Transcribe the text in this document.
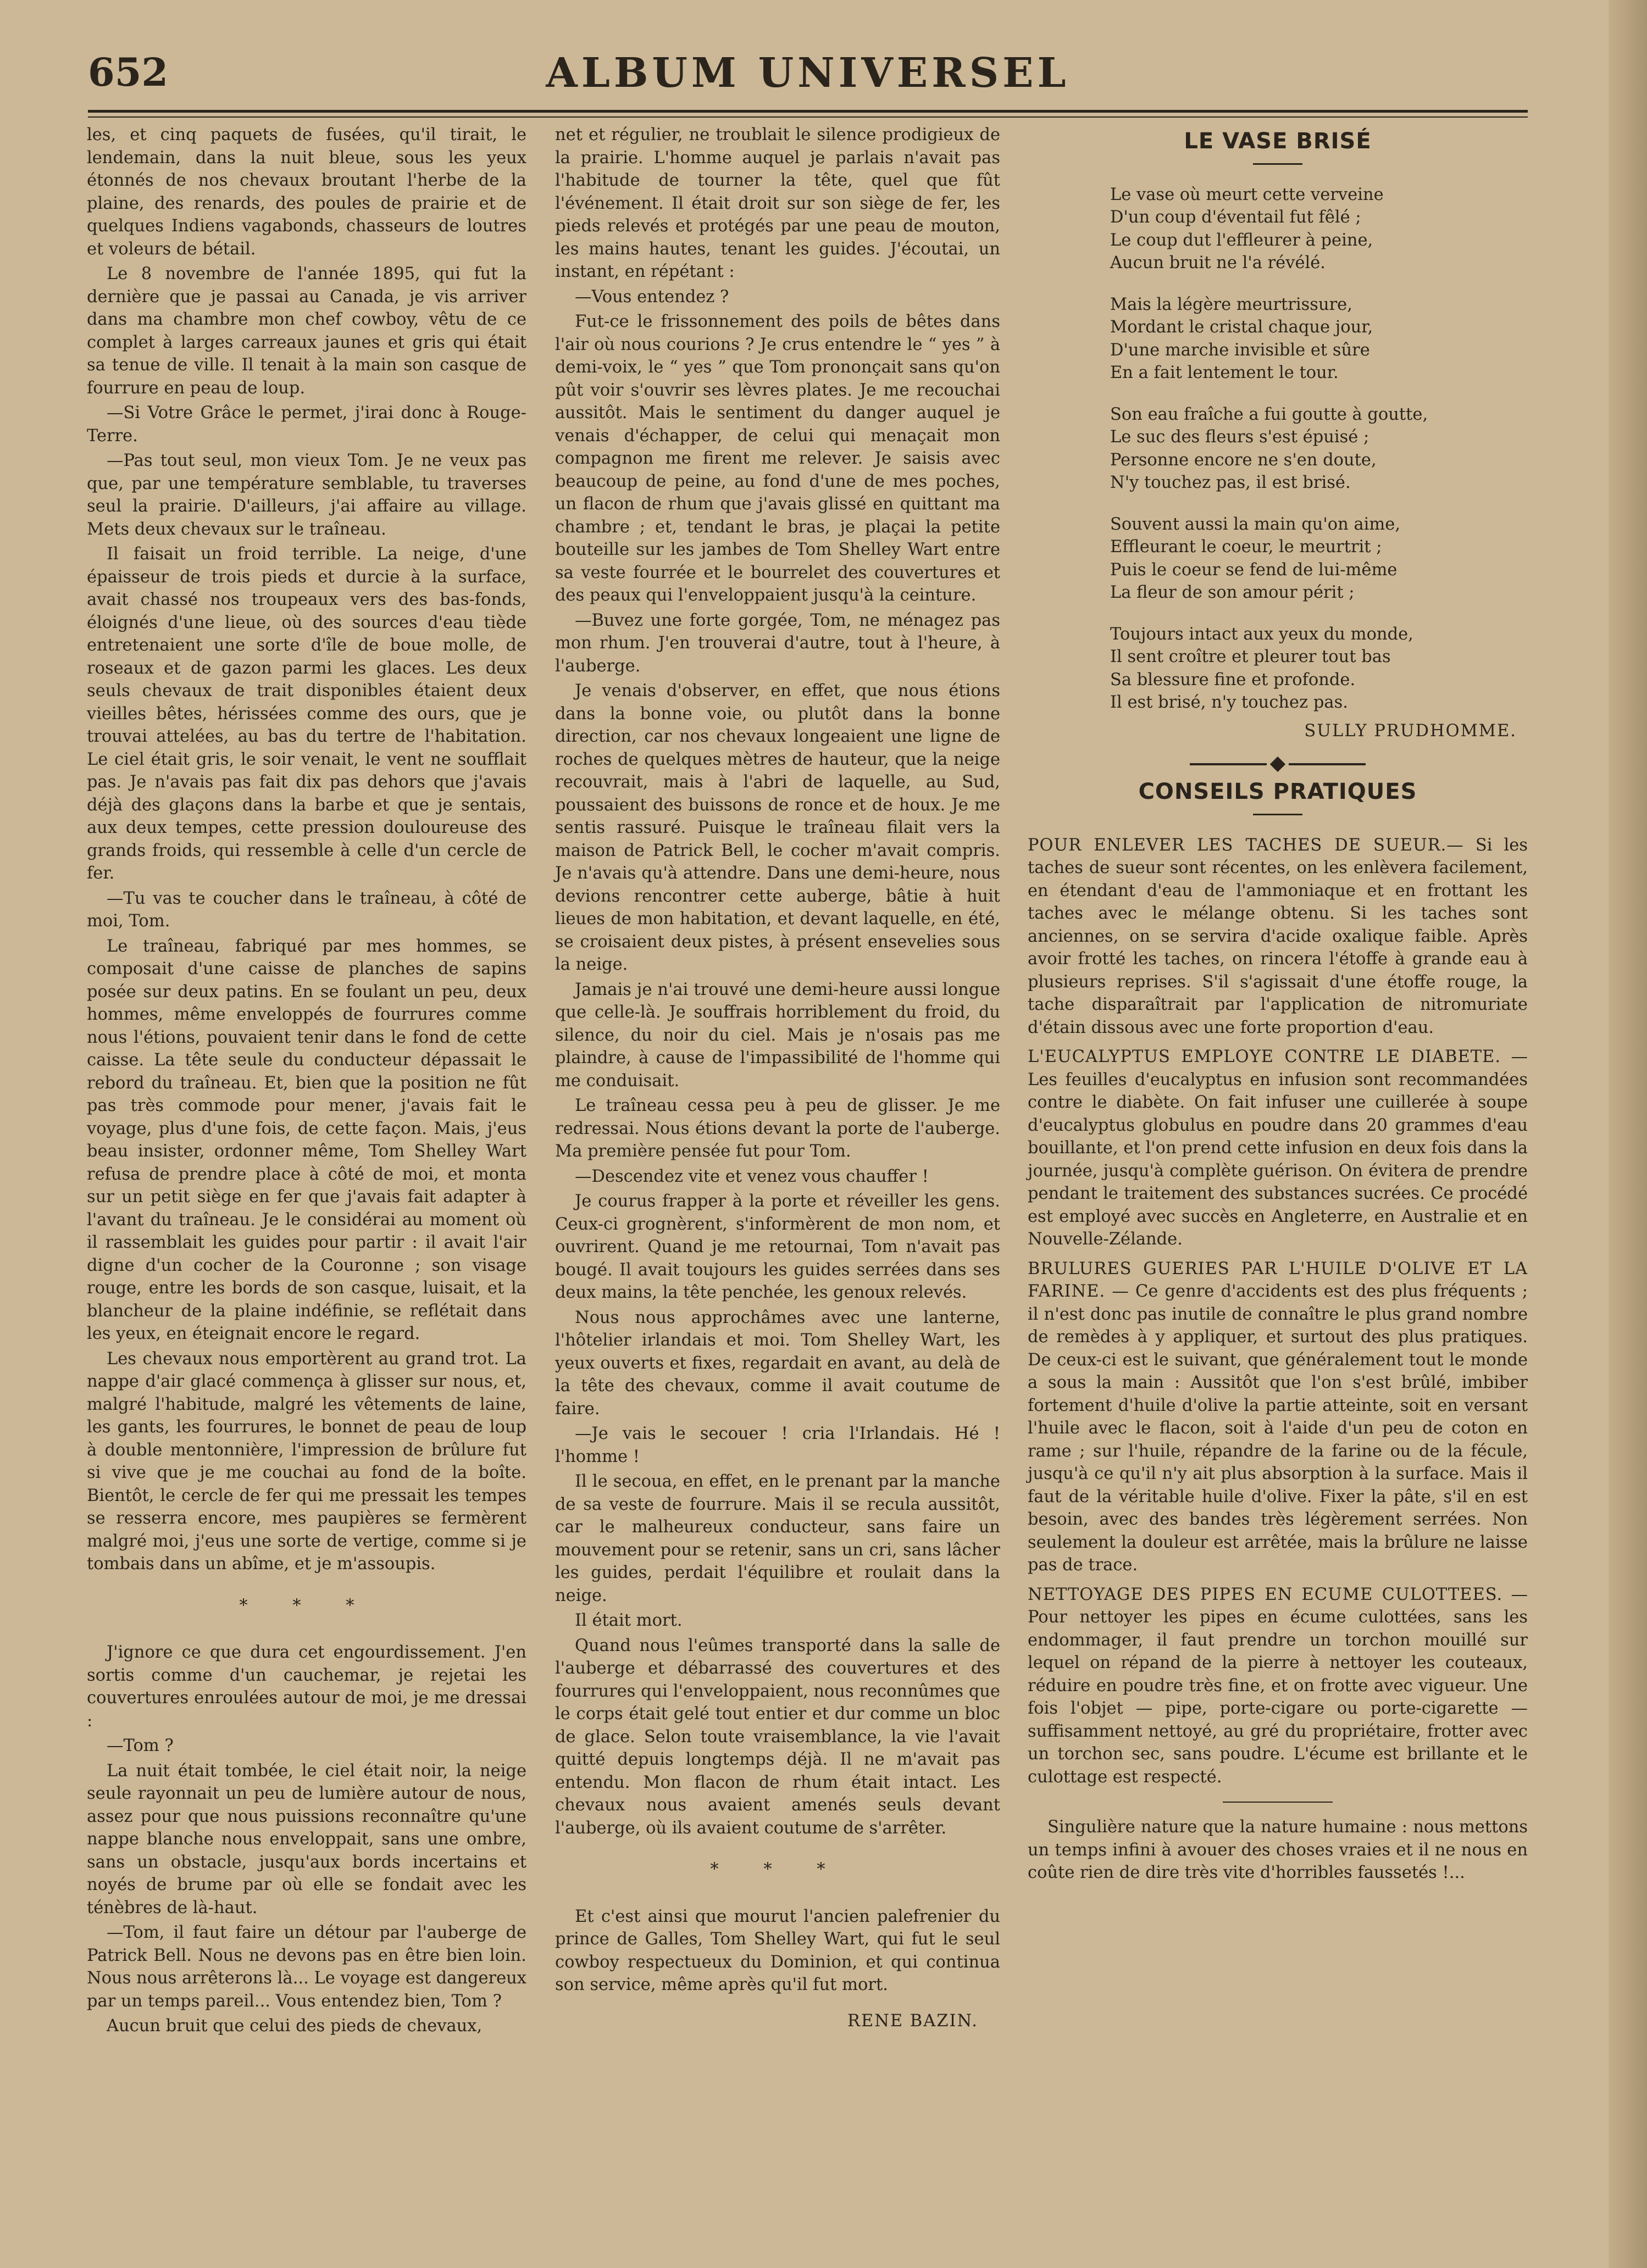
ALBUM UNIVERSEL
652

les, et cinq paquets de fusées, qu'il tirait, le lendemain, dans la nuit bleue, sous les yeux étonnés de nos chevaux broutant l'herbe de la plaine, des renards, des poules de prairie et de quelques Indiens vagabonds, chasseurs de loutres et voleurs de bétail.

Le 8 novembre de l'année 1895, qui fut la dernière que je passai au Canada, je vis arriver dans ma chambre mon chef cowboy, vêtu de ce complet à larges carreaux jaunes et gris qui était sa tenue de ville. Il tenait à la main son casque de fourrure en peau de loup.

—Si Votre Grâce le permet, j'irai donc à Rouge-Terre.

—Pas tout seul, mon vieux Tom. Je ne veux pas que, par une température semblable, tu traverses seul la prairie. D'ailleurs, j'ai affaire au village. Mets deux chevaux sur le traîneau.

Il faisait un froid terrible. La neige, d'une épaisseur de trois pieds et durcie à la surface, avait chassé nos troupeaux vers des bas-fonds, éloignés d'une lieue, où des sources d'eau tiède entretenaient une sorte d'île de boue molle, de roseaux et de gazon parmi les glaces. Les deux seuls chevaux de trait disponibles étaient deux vieilles bêtes, hérissées comme des ours, que je trouvai attelées, au bas du tertre de l'habitation. Le ciel était gris, le soir venait, le vent ne soufflait pas. Je n'avais pas fait dix pas dehors que j'avais déjà des glaçons dans la barbe et que je sentais, aux deux tempes, cette pression douloureuse des grands froids, qui ressemble à celle d'un cercle de fer.

—Tu vas te coucher dans le traîneau, à côté de moi, Tom.

Le traîneau, fabriqué par mes hommes, se composait d'une caisse de planches de sapins posée sur deux patins. En se foulant un peu, deux hommes, même enveloppés de fourrures comme nous l'étions, pouvaient tenir dans le fond de cette caisse. La tête seule du conducteur dépassait le rebord du traîneau. Et, bien que la position ne fût pas très commode pour mener, j'avais fait le voyage, plus d'une fois, de cette façon. Mais, j'eus beau insister, ordonner même, Tom Shelley Wart refusa de prendre place à côté de moi, et monta sur un petit siège en fer que j'avais fait adapter à l'avant du traîneau. Je le considérai au moment où il rassemblait les guides pour partir : il avait l'air digne d'un cocher de la Couronne ; son visage rouge, entre les bords de son casque, luisait, et la blancheur de la plaine indéfinie, se reflétait dans les yeux, en éteignait encore le regard.

Les chevaux nous emportèrent au grand trot. La nappe d'air glacé commença à glisser sur nous, et, malgré l'habitude, malgré les vêtements de laine, les gants, les fourrures, le bonnet de peau de loup à double mentonnière, l'impression de brûlure fut si vive que je me couchai au fond de la boîte. Bientôt, le cercle de fer qui me pressait les tempes se resserra encore, mes paupières se fermèrent malgré moi, j'eus une sorte de vertige, comme si je tombais dans un abîme, et je m'assoupis.

* * *

J'ignore ce que dura cet engourdissement. J'en sortis comme d'un cauchemar, je rejetai les couvertures enroulées autour de moi, je me dressai :

—Tom ?

La nuit était tombée, le ciel était noir, la neige seule rayonnait un peu de lumière autour de nous, assez pour que nous puissions reconnaître qu'une nappe blanche nous enveloppait, sans une ombre, sans un obstacle, jusqu'aux bords incertains et noyés de brume par où elle se fondait avec les ténèbres de là-haut.

—Tom, il faut faire un détour par l'auberge de Patrick Bell. Nous ne devons pas en être bien loin. Nous nous arrêterons là... Le voyage est dangereux par un temps pareil... Vous entendez bien, Tom ?

Aucun bruit que celui des pieds de chevaux,

net et régulier, ne troublait le silence prodigieux de la prairie. L'homme auquel je parlais n'avait pas l'habitude de tourner la tête, quel que fût l'événement. Il était droit sur son siège de fer, les pieds relevés et protégés par une peau de mouton, les mains hautes, tenant les guides. J'écoutai, un instant, en répétant :

—Vous entendez ?

Fut-ce le frissonnement des poils de bêtes dans l'air où nous courions ? Je crus entendre le “ yes ” à demi-voix, le “ yes ” que Tom prononçait sans qu'on pût voir s'ouvrir ses lèvres plates. Je me recouchai aussitôt. Mais le sentiment du danger auquel je venais d'échapper, de celui qui menaçait mon compagnon me firent me relever. Je saisis avec beaucoup de peine, au fond d'une de mes poches, un flacon de rhum que j'avais glissé en quittant ma chambre ; et, tendant le bras, je plaçai la petite bouteille sur les jambes de Tom Shelley Wart entre sa veste fourrée et le bourrelet des couvertures et des peaux qui l'enveloppaient jusqu'à la ceinture.

—Buvez une forte gorgée, Tom, ne ménagez pas mon rhum. J'en trouverai d'autre, tout à l'heure, à l'auberge.

Je venais d'observer, en effet, que nous étions dans la bonne voie, ou plutôt dans la bonne direction, car nos chevaux longeaient une ligne de roches de quelques mètres de hauteur, que la neige recouvrait, mais à l'abri de laquelle, au Sud, poussaient des buissons de ronce et de houx. Je me sentis rassuré. Puisque le traîneau filait vers la maison de Patrick Bell, le cocher m'avait compris. Je n'avais qu'à attendre. Dans une demi-heure, nous devions rencontrer cette auberge, bâtie à huit lieues de mon habitation, et devant laquelle, en été, se croisaient deux pistes, à présent ensevelies sous la neige.

Jamais je n'ai trouvé une demi-heure aussi longue que celle-là. Je souffrais horriblement du froid, du silence, du noir du ciel. Mais je n'osais pas me plaindre, à cause de l'impassibilité de l'homme qui me conduisait.

Le traîneau cessa peu à peu de glisser. Je me redressai. Nous étions devant la porte de l'auberge. Ma première pensée fut pour Tom.

—Descendez vite et venez vous chauffer !

Je courus frapper à la porte et réveiller les gens. Ceux-ci grognèrent, s'informèrent de mon nom, et ouvrirent. Quand je me retournai, Tom n'avait pas bougé. Il avait toujours les guides serrées dans ses deux mains, la tête penchée, les genoux relevés.

Nous nous approchâmes avec une lanterne, l'hôtelier irlandais et moi. Tom Shelley Wart, les yeux ouverts et fixes, regardait en avant, au delà de la tête des chevaux, comme il avait coutume de faire.

—Je vais le secouer ! cria l'Irlandais. Hé ! l'homme !

Il le secoua, en effet, en le prenant par la manche de sa veste de fourrure. Mais il se recula aussitôt, car le malheureux conducteur, sans faire un mouvement pour se retenir, sans un cri, sans lâcher les guides, perdait l'équilibre et roulait dans la neige.

Il était mort.

Quand nous l'eûmes transporté dans la salle de l'auberge et débarrassé des couvertures et des fourrures qui l'enveloppaient, nous reconnûmes que le corps était gelé tout entier et dur comme un bloc de glace. Selon toute vraisemblance, la vie l'avait quitté depuis longtemps déjà. Il ne m'avait pas entendu. Mon flacon de rhum était intact. Les chevaux nous avaient amenés seuls devant l'auberge, où ils avaient coutume de s'arrêter.

* * *

Et c'est ainsi que mourut l'ancien palefrenier du prince de Galles, Tom Shelley Wart, qui fut le seul cowboy respectueux du Dominion, et qui continua son service, même après qu'il fut mort.

RENE BAZIN.

LE VASE BRISÉ
Le vase où meurt cette verveine
D'un coup d'éventail fut fêlé ;
Le coup dut l'effleurer à peine,
Aucun bruit ne l'a révélé.
Mais la légère meurtrissure,
Mordant le cristal chaque jour,
D'une marche invisible et sûre
En a fait lentement le tour.
Son eau fraîche a fui goutte à goutte,
Le suc des fleurs s'est épuisé ;
Personne encore ne s'en doute,
N'y touchez pas, il est brisé.
Souvent aussi la main qu'on aime,
Effleurant le coeur, le meurtrit ;
Puis le coeur se fend de lui-même
La fleur de son amour périt ;
Toujours intact aux yeux du monde,
Il sent croître et pleurer tout bas
Sa blessure fine et profonde.
Il est brisé, n'y touchez pas.
SULLY PRUDHOMME.
CONSEILS PRATIQUES

POUR ENLEVER LES TACHES DE SUEUR.— Si les taches de sueur sont récentes, on les enlèvera facilement, en étendant d'eau de l'ammoniaque et en frottant les taches avec le mélange obtenu. Si les taches sont anciennes, on se servira d'acide oxalique faible. Après avoir frotté les taches, on rincera l'étoffe à grande eau à plusieurs reprises. S'il s'agissait d'une étoffe rouge, la tache disparaîtrait par l'application de nitromuriate d'étain dissous avec une forte proportion d'eau.

L'EUCALYPTUS EMPLOYE CONTRE LE DIABETE. — Les feuilles d'eucalyptus en infusion sont recommandées contre le diabète. On fait infuser une cuillerée à soupe d'eucalyptus globulus en poudre dans 20 grammes d'eau bouillante, et l'on prend cette infusion en deux fois dans la journée, jusqu'à complète guérison. On évitera de prendre pendant le traitement des substances sucrées. Ce procédé est employé avec succès en Angleterre, en Australie et en Nouvelle-Zélande.

BRULURES GUERIES PAR L'HUILE D'OLIVE ET LA FARINE. — Ce genre d'accidents est des plus fréquents ; il n'est donc pas inutile de connaître le plus grand nombre de remèdes à y appliquer, et surtout des plus pratiques. De ceux-ci est le suivant, que généralement tout le monde a sous la main : Aussitôt que l'on s'est brûlé, imbiber fortement d'huile d'olive la partie atteinte, soit en versant l'huile avec le flacon, soit à l'aide d'un peu de coton en rame ; sur l'huile, répandre de la farine ou de la fécule, jusqu'à ce qu'il n'y ait plus absorption à la surface. Mais il faut de la véritable huile d'olive. Fixer la pâte, s'il en est besoin, avec des bandes très légèrement serrées. Non seulement la douleur est arrêtée, mais la brûlure ne laisse pas de trace.

NETTOYAGE DES PIPES EN ECUME CULOTTEES. — Pour nettoyer les pipes en écume culottées, sans les endommager, il faut prendre un torchon mouillé sur lequel on répand de la pierre à nettoyer les couteaux, réduire en poudre très fine, et on frotte avec vigueur. Une fois l'objet — pipe, porte-cigare ou porte-cigarette — suffisamment nettoyé, au gré du propriétaire, frotter avec un torchon sec, sans poudre. L'écume est brillante et le culottage est respecté.

Singulière nature que la nature humaine : nous mettons un temps infini à avouer des choses vraies et il ne nous en coûte rien de dire très vite d'horribles faussetés !...
